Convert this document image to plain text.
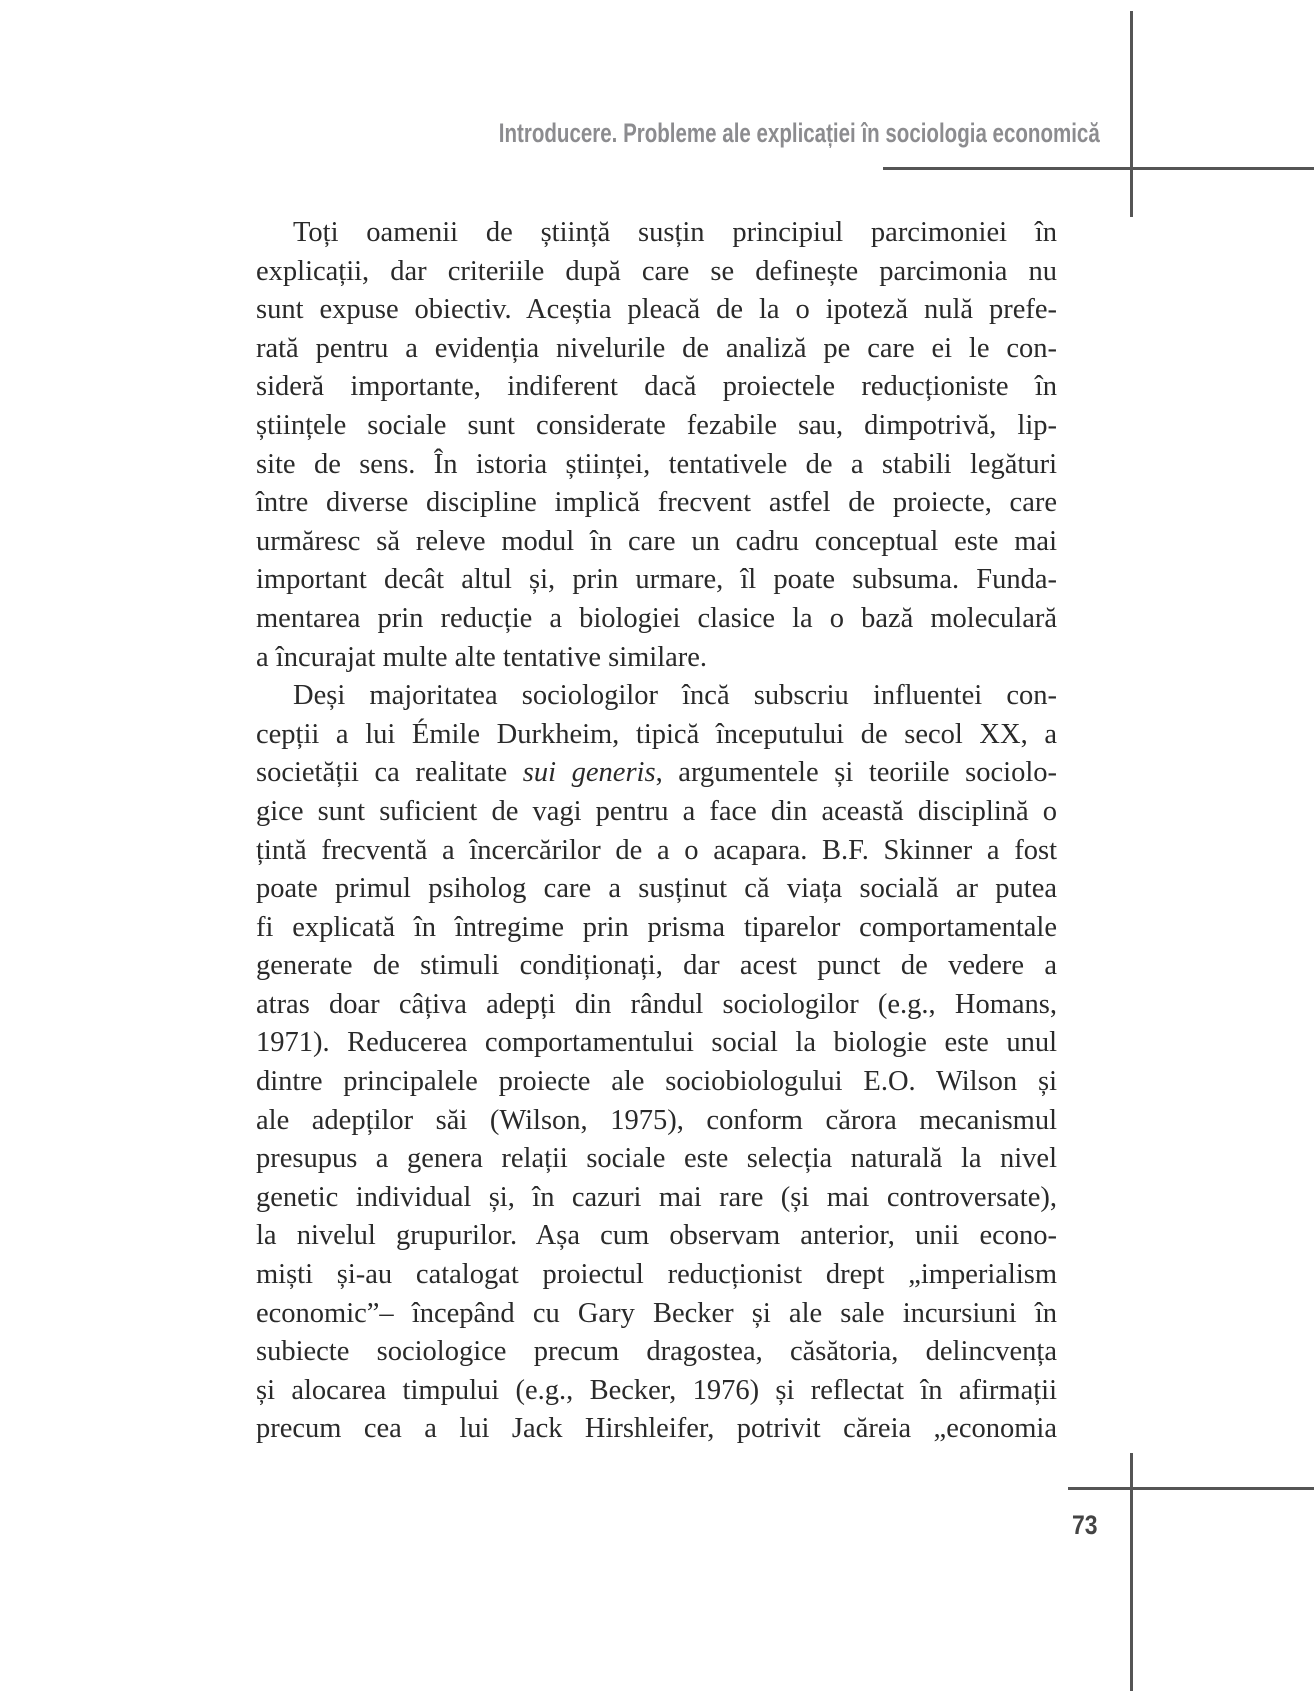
Introducere. Probleme ale explicației în sociologia economică
Toți oamenii de știință susțin principiul parcimoniei în
explicații, dar criteriile după care se definește parcimonia nu
sunt expuse obiectiv. Aceștia pleacă de la o ipoteză nulă prefe-
rată pentru a evidenția nivelurile de analiză pe care ei le con-
sideră importante, indiferent dacă proiectele reducționiste în
științele sociale sunt considerate fezabile sau, dimpotrivă, lip-
site de sens. În istoria științei, tentativele de a stabili legături
între diverse discipline implică frecvent astfel de proiecte, care
urmăresc să releve modul în care un cadru conceptual este mai
important decât altul și, prin urmare, îl poate subsuma. Funda-
mentarea prin reducție a biologiei clasice la o bază moleculară
a încurajat multe alte tentative similare.
Deși majoritatea sociologilor încă subscriu influentei con-
cepții a lui Émile Durkheim, tipică începutului de secol XX, a
societății ca realitate sui generis, argumentele și teoriile sociolo-
gice sunt suficient de vagi pentru a face din această disciplină o
țintă frecventă a încercărilor de a o acapara. B.F. Skinner a fost
poate primul psiholog care a susținut că viața socială ar putea
fi explicată în întregime prin prisma tiparelor comportamentale
generate de stimuli condiționați, dar acest punct de vedere a
atras doar câțiva adepți din rândul sociologilor (e.g., Homans,
1971). Reducerea comportamentului social la biologie este unul
dintre principalele proiecte ale sociobiologului E.O. Wilson și
ale adepților săi (Wilson, 1975), conform cărora mecanismul
presupus a genera relații sociale este selecția naturală la nivel
genetic individual și, în cazuri mai rare (și mai controversate),
la nivelul grupurilor. Așa cum observam anterior, unii econo-
miști și-au catalogat proiectul reducționist drept „imperialism
economic”– începând cu Gary Becker și ale sale incursiuni în
subiecte sociologice precum dragostea, căsătoria, delincvența
și alocarea timpului (e.g., Becker, 1976) și reflectat în afirmații
precum cea a lui Jack Hirshleifer, potrivit căreia „economia
73
